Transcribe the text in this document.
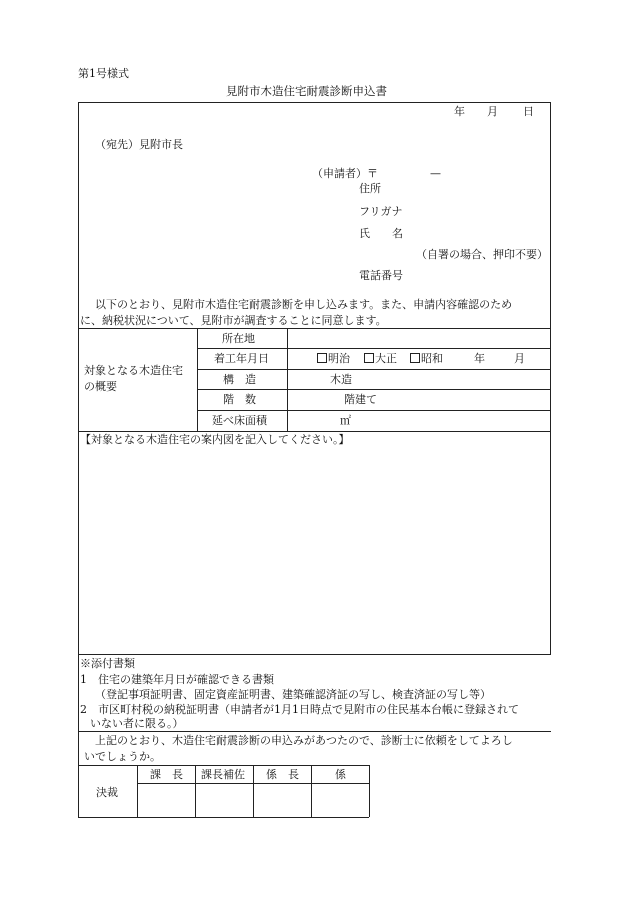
第1号様式
見附市木造住宅耐震診断申込書
年 月 日
（宛先）見附市長
（申請者）〒	—
住所
フリガナ
氏　　名
（自署の場合、押印不要）
電話番号
以下のとおり、見附市木造住宅耐震診断を申し込みます。また、申請内容確認のため
に、納税状況について、見附市が調査することに同意します。
対象となる木造住宅
の概要
所在地
着工年月日	明治	大正	昭和	年	月
構　造	木造
階　数	階建て
延べ床面積	㎡
【対象となる木造住宅の案内図を記入してください。】
※添付書類
1　住宅の建築年月日が確認できる書類
（登記事項証明書、固定資産証明書、建築確認済証の写し、検査済証の写し等）
2　市区町村税の納税証明書（申請者が1月1日時点で見附市の住民基本台帳に登録されて
いない者に限る。）
上記のとおり、木造住宅耐震診断の申込みがあつたので、診断士に依頼をしてよろし
いでしょうか。
決裁
課　長 課長補佐 係　長	係
